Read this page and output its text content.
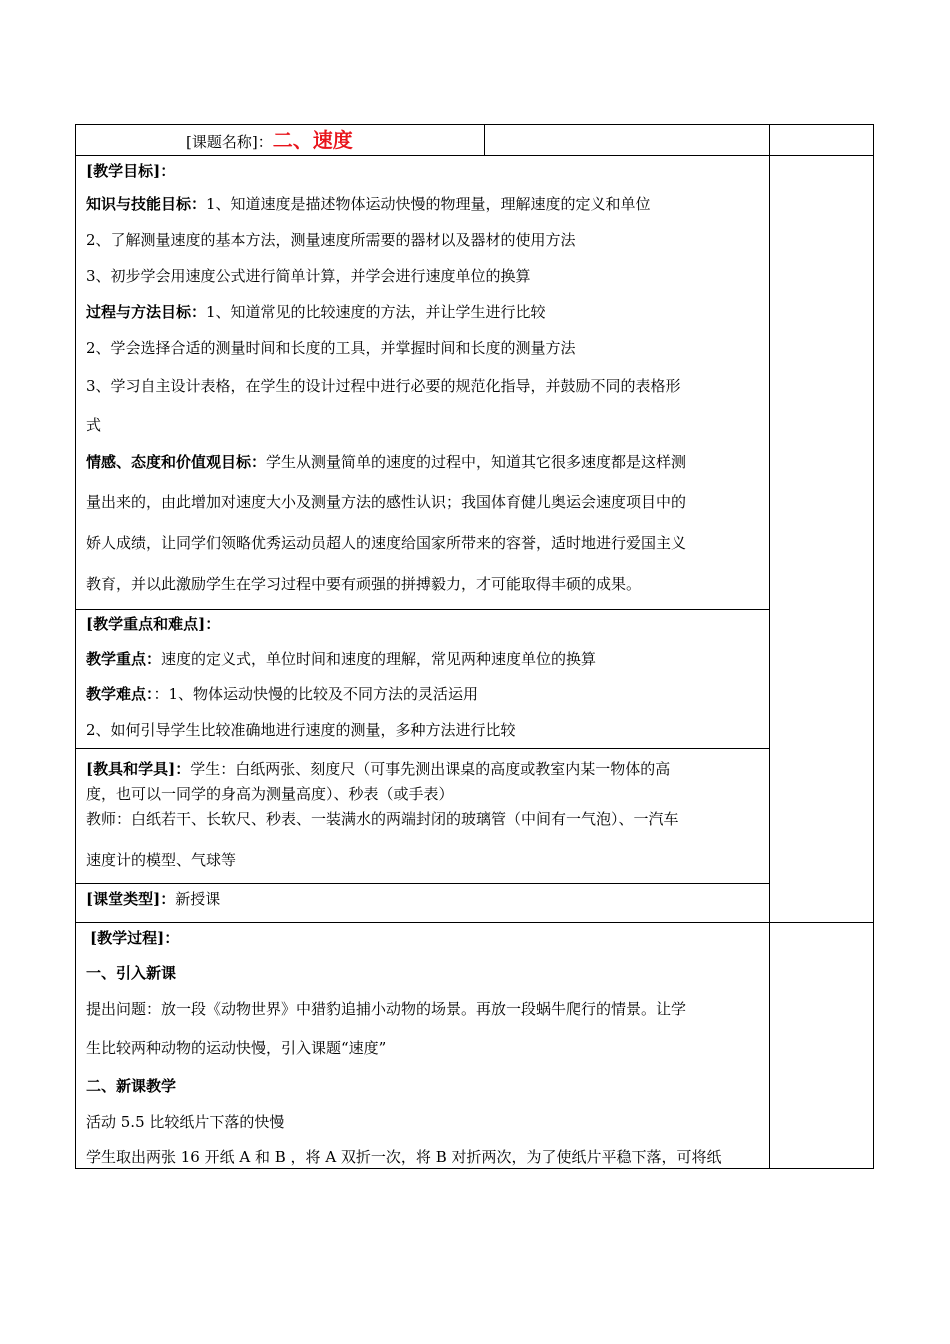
[课题名称]：二、速度
[教学目标]：
知识与技能目标：1、知道速度是描述物体运动快慢的物理量，理解速度的定义和单位
2、了解测量速度的基本方法，测量速度所需要的器材以及器材的使用方法
3、初步学会用速度公式进行简单计算，并学会进行速度单位的换算
过程与方法目标：1、知道常见的比较速度的方法，并让学生进行比较
2、学会选择合适的测量时间和长度的工具，并掌握时间和长度的测量方法
3、学习自主设计表格，在学生的设计过程中进行必要的规范化指导，并鼓励不同的表格形
式
情感、态度和价值观目标：学生从测量简单的速度的过程中，知道其它很多速度都是这样测
量出来的，由此增加对速度大小及测量方法的感性认识；我国体育健儿奥运会速度项目中的
娇人成绩，让同学们领略优秀运动员超人的速度给国家所带来的容誉，适时地进行爱国主义
教育，并以此激励学生在学习过程中要有顽强的拼搏毅力，才可能取得丰硕的成果。
[教学重点和难点]：
教学重点：速度的定义式，单位时间和速度的理解，常见两种速度单位的换算
教学难点：：1、物体运动快慢的比较及不同方法的灵活运用
2、如何引导学生比较准确地进行速度的测量，多种方法进行比较
[教具和学具]：学生：白纸两张、刻度尺（可事先测出课桌的高度或教室内某一物体的高
度，也可以一同学的身高为测量高度）、秒表（或手表）
教师：白纸若干、长软尺、秒表、一装满水的两端封闭的玻璃管（中间有一气泡）、一汽车
速度计的模型、气球等
[课堂类型]：新授课
[教学过程]：
一、引入新课
提出问题：放一段《动物世界》中猎豹追捕小动物的场景。再放一段蜗牛爬行的情景。让学
生比较两种动物的运动快慢，引入课题“速度”
二、新课教学
活动 5.5 比较纸片下落的快慢
学生取出两张 16 开纸 A 和 B ，将 A 双折一次，将 B 对折两次，为了使纸片平稳下落，可将纸
